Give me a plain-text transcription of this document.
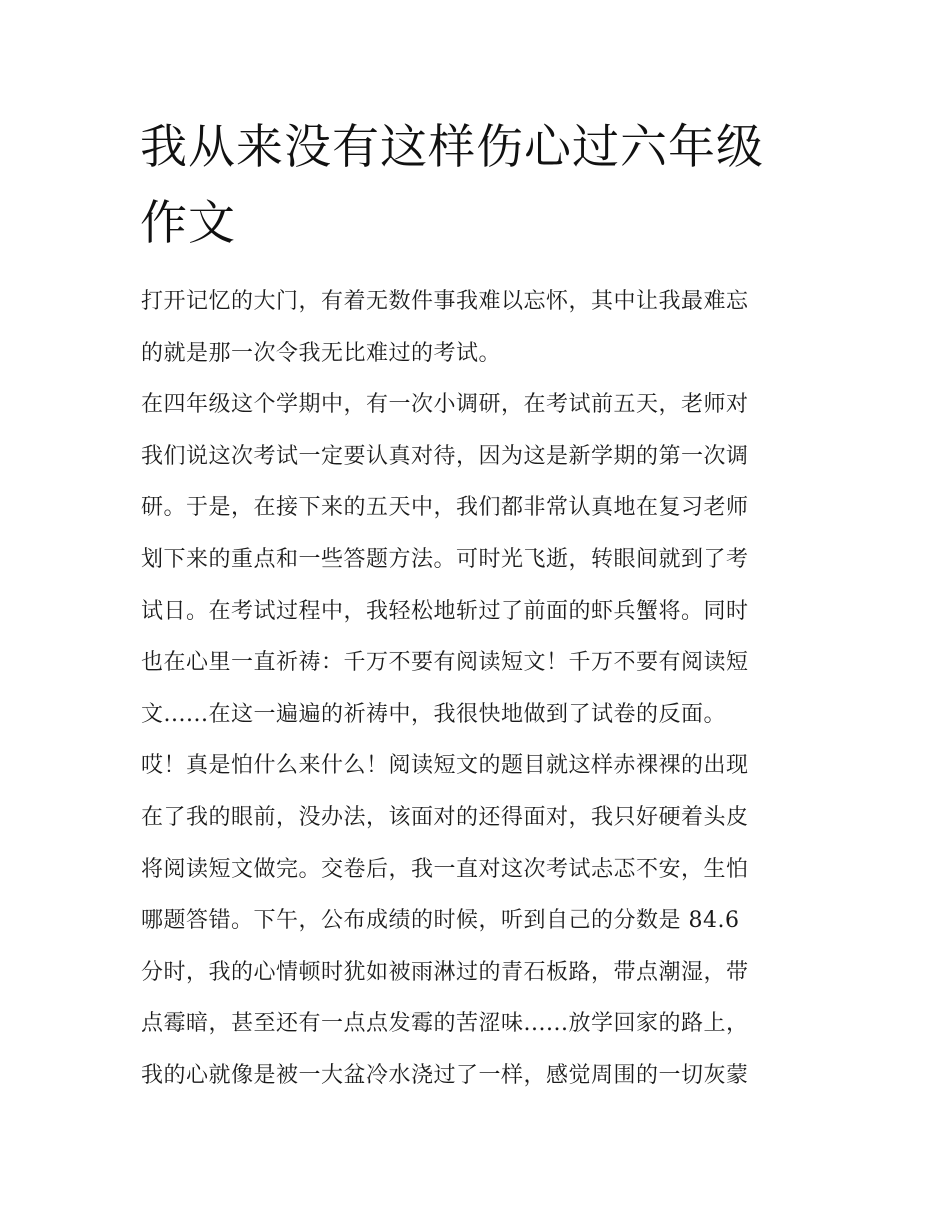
我从来没有这样伤心过六年级
作文
打开记忆的大门，有着无数件事我难以忘怀，其中让我最难忘
的就是那一次令我无比难过的考试。
在四年级这个学期中，有一次小调研，在考试前五天，老师对
我们说这次考试一定要认真对待，因为这是新学期的第一次调
研。于是，在接下来的五天中，我们都非常认真地在复习老师
划下来的重点和一些答题方法。可时光飞逝，转眼间就到了考
试日。在考试过程中，我轻松地斩过了前面的虾兵蟹将。同时
也在心里一直祈祷：千万不要有阅读短文！千万不要有阅读短
文......在这一遍遍的祈祷中，我很快地做到了试卷的反面。
哎！真是怕什么来什么！阅读短文的题目就这样赤裸裸的出现
在了我的眼前，没办法，该面对的还得面对，我只好硬着头皮
将阅读短文做完。交卷后，我一直对这次考试忐忑不安，生怕
哪题答错。下午，公布成绩的时候，听到自己的分数是 84.6
分时，我的心情顿时犹如被雨淋过的青石板路，带点潮湿，带
点霉暗，甚至还有一点点发霉的苦涩味......放学回家的路上，
我的心就像是被一大盆冷水浇过了一样，感觉周围的一切灰蒙
